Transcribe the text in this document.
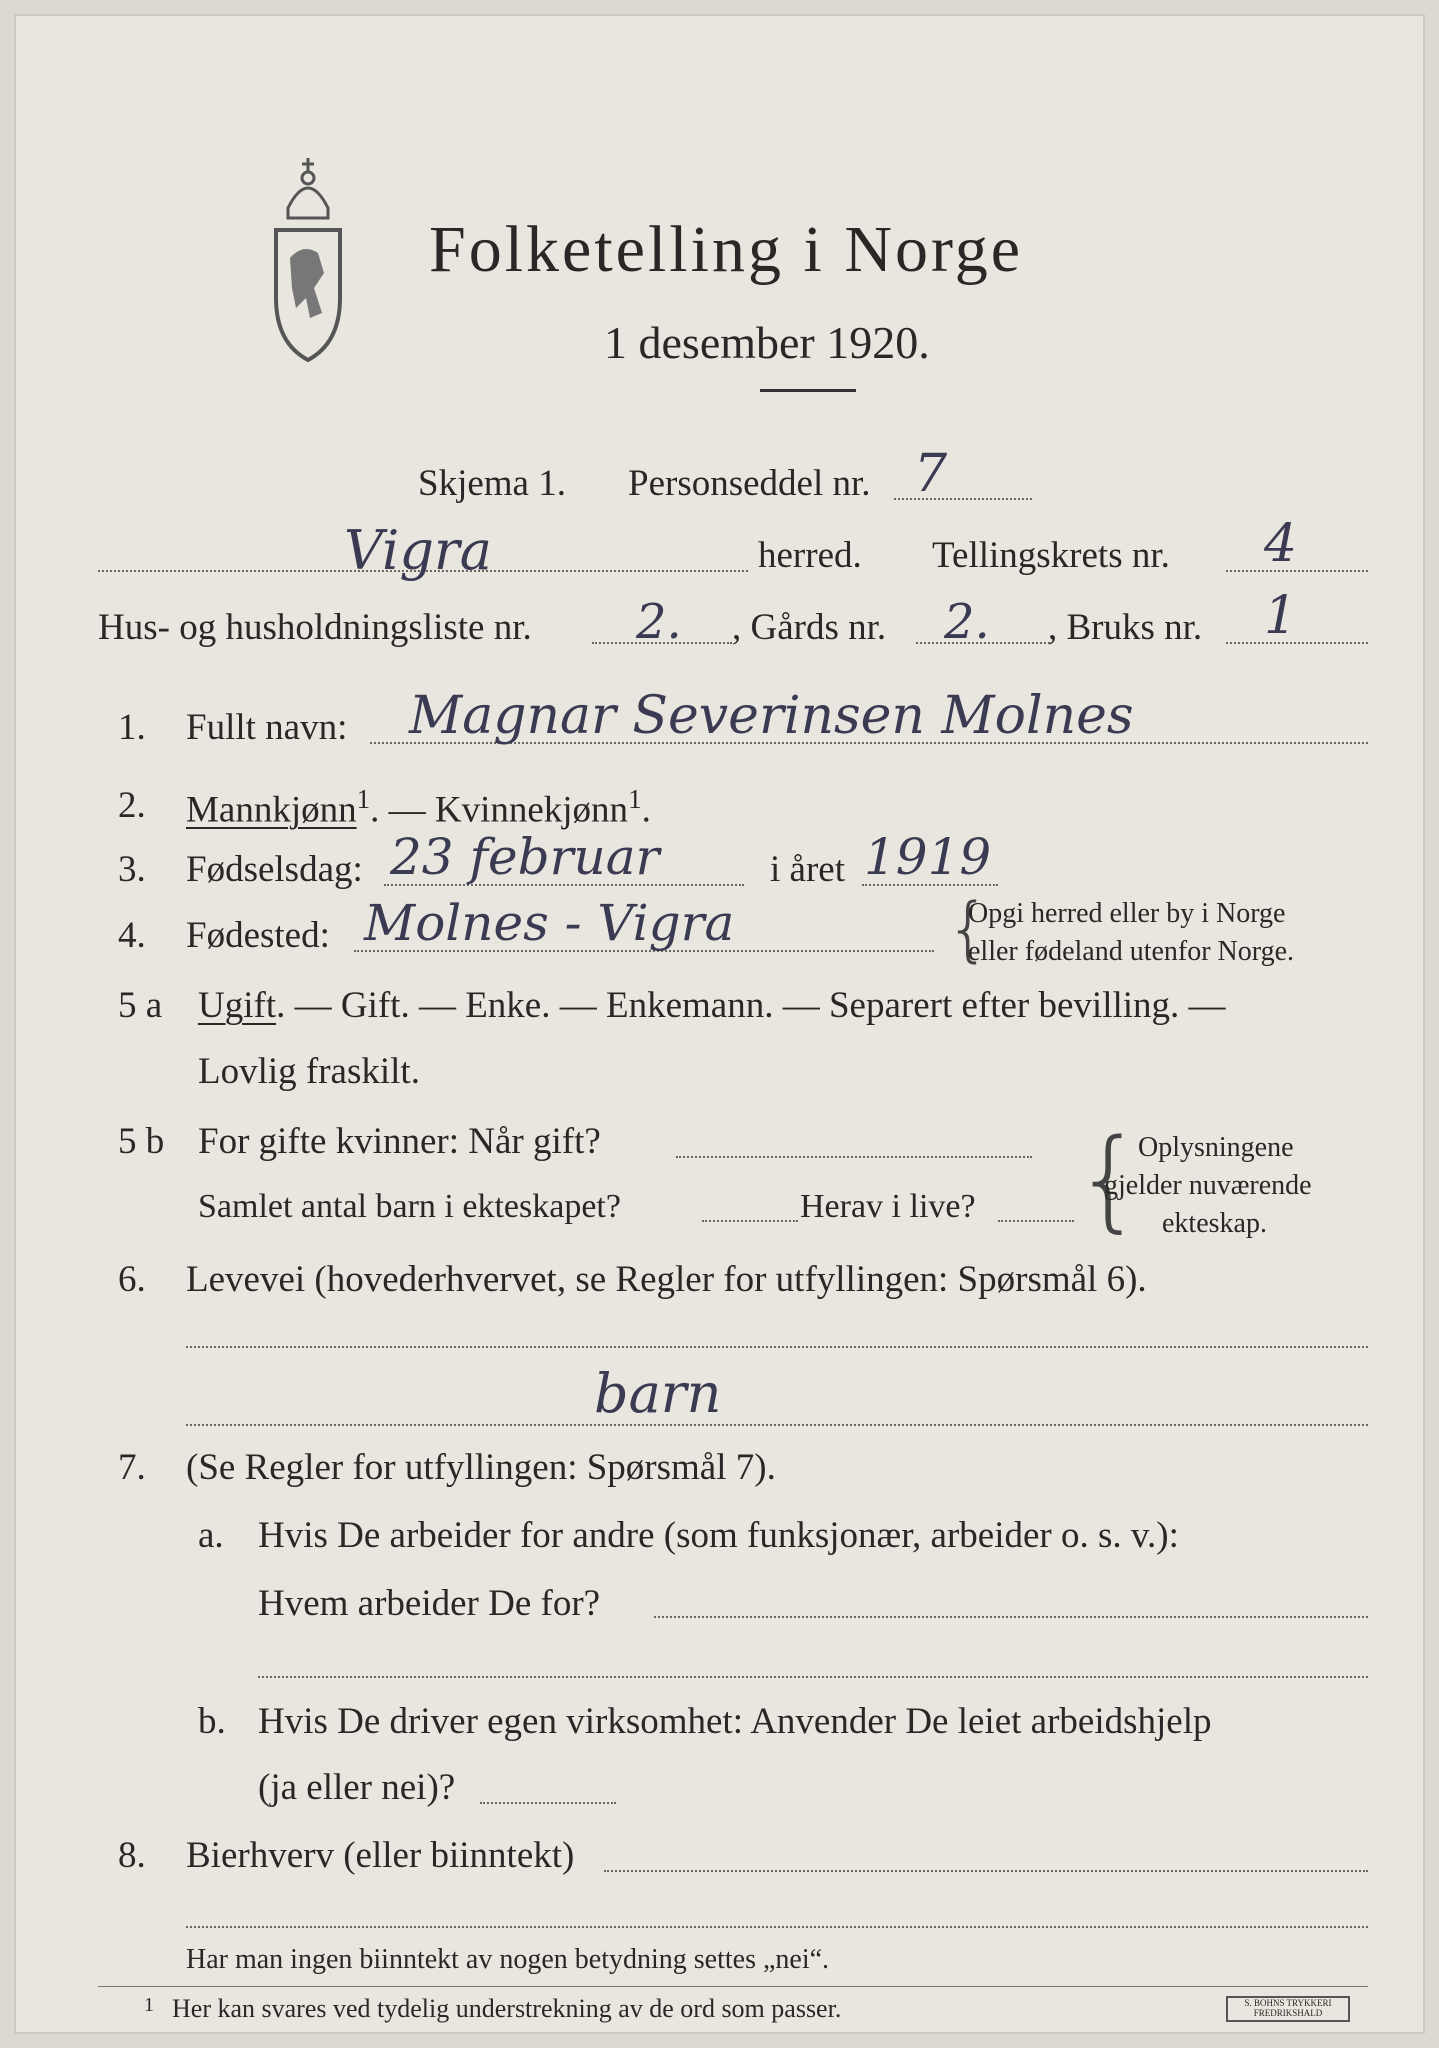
Folketelling i Norge
1 desember 1920.
Skjema 1. Personseddel nr. 7
Vigra	herred. Tellingskrets nr. 4
Hus- og husholdningsliste nr. 2. , Gårds nr. 2. , Bruks nr. 1
1. Fullt navn: Magnar Severinsen Molnes
2. Mannkjønn$^1$. — Kvinnekjønn$^1$.
3. Fødselsdag: 23 februar	i året 1919
4. Fødested: Molnes - Vigra	{
Opgi herred eller by i Norge
eller fødeland utenfor Norge.
5 a Ugift. — Gift. — Enke. — Enkemann. — Separert efter bevilling. —
Lovlig fraskilt.
5 b For gifte kvinner: Når gift?
Samlet antal barn i ekteskapet?	Herav i live? {
Oplysningene
gjelder nuværende
ekteskap.
6. Levevei (hovederhvervet, se Regler for utfyllingen: Spørsmål 6).
barn
7. (Se Regler for utfyllingen: Spørsmål 7).
a. Hvis De arbeider for andre (som funksjonær, arbeider o. s. v.):
Hvem arbeider De for?
b. Hvis De driver egen virksomhet: Anvender De leiet arbeidshjelp
(ja eller nei)?
8. Bierhverv (eller biinntekt)
Har man ingen biinntekt av nogen betydning settes „nei“.
1 Her kan svares ved tydelig understrekning av de ord som passer.	S. BOHNS TRYKKERI FREDRIKSHALD
